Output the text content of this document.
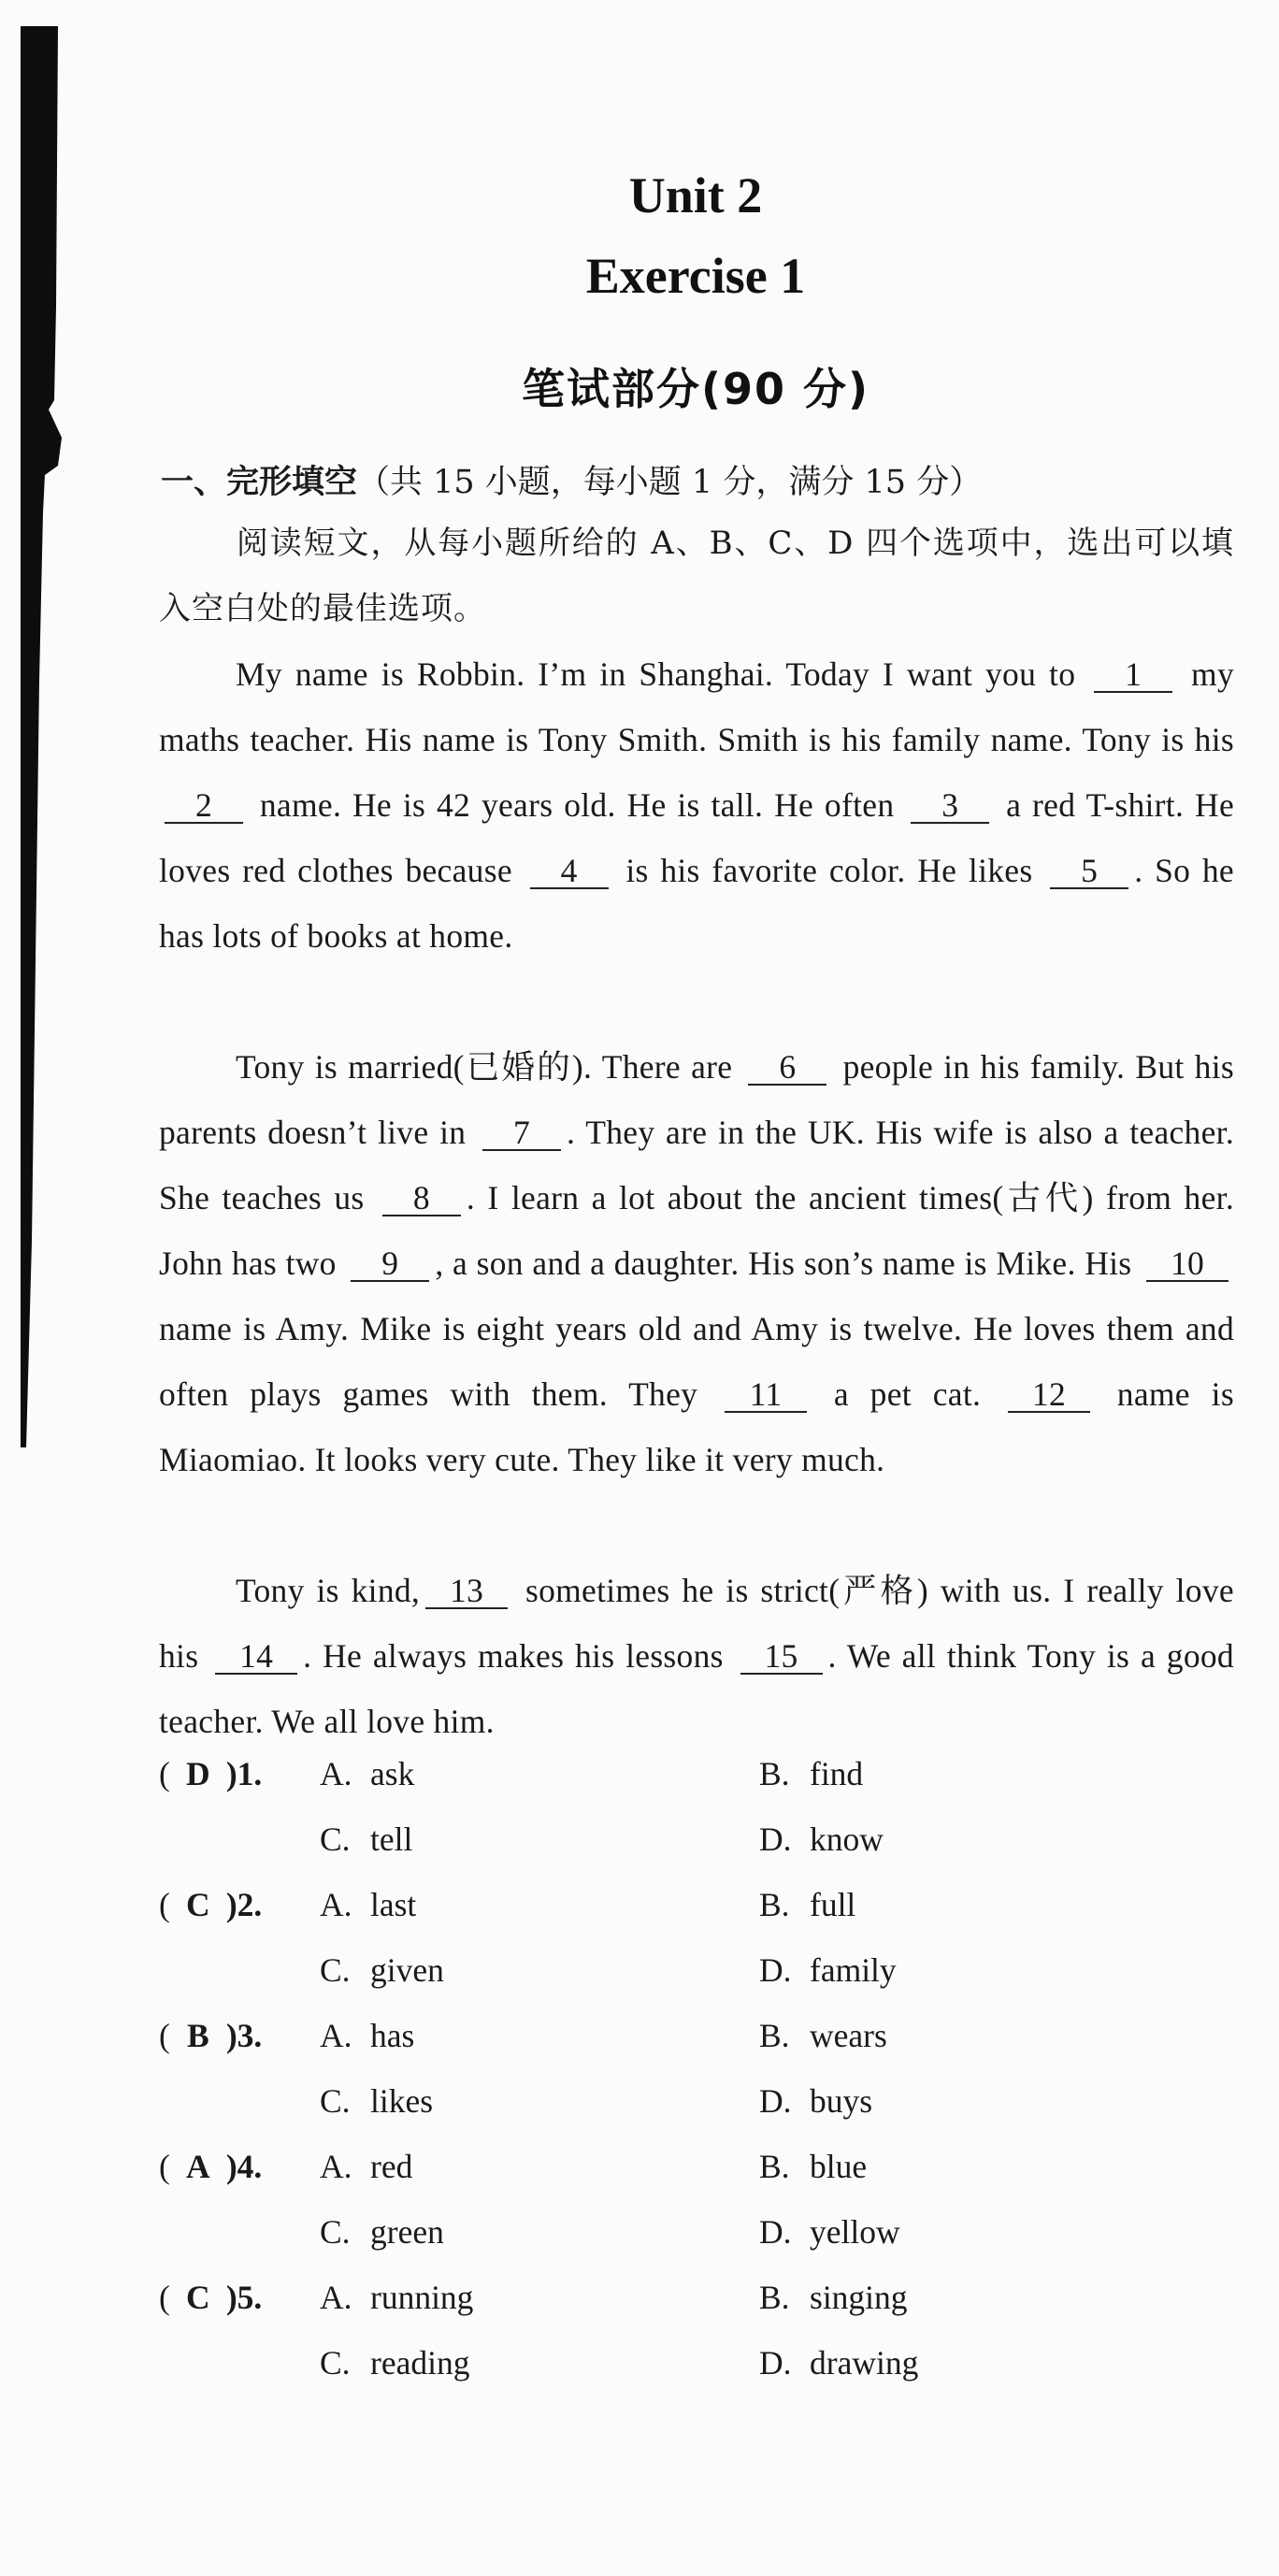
Unit 2
Exercise 1
笔试部分(90 分)
一、完形填空（共 15 小题，每小题 1 分，满分 15 分）
阅读短文，从每小题所给的 A、B、C、D 四个选项中，选出可以填入空白处的最佳选项。
My name is Robbin. I’m in Shanghai. Today I want you to 1 my maths teacher. His name is Tony Smith. Smith is his family name. Tony is his 2 name. He is 42 years old. He is tall. He often 3 a red T-shirt. He loves red clothes because 4 is his favorite color. He likes 5 . So he has lots of books at home.
Tony is married(已婚的). There are 6 people in his family. But his parents doesn’t live in 7 . They are in the UK. His wife is also a teacher. She teaches us 8 . I learn a lot about the ancient times(古代) from her. John has two 9 , a son and a daughter. His son’s name is Mike. His 10 name is Amy. Mike is eight years old and Amy is twelve. He loves them and often plays games with them. They 11 a pet cat. 12 name is Miaomiao. It looks very cute. They like it very much.
Tony is kind, 13 sometimes he is strict(严格) with us. I really love his 14 . He always makes his lessons 15 . We all think Tony is a good teacher. We all love him.
( D )1.	A. ask	B. find
C. tell	D. know
( C )2.	A. last	B. full
C. given	D. family
( B )3.	A. has	B. wears
C. likes	D. buys
( A )4.	A. red	B. blue
C. green	D. yellow
( C )5.	A. running	B. singing
C. reading	D. drawing
